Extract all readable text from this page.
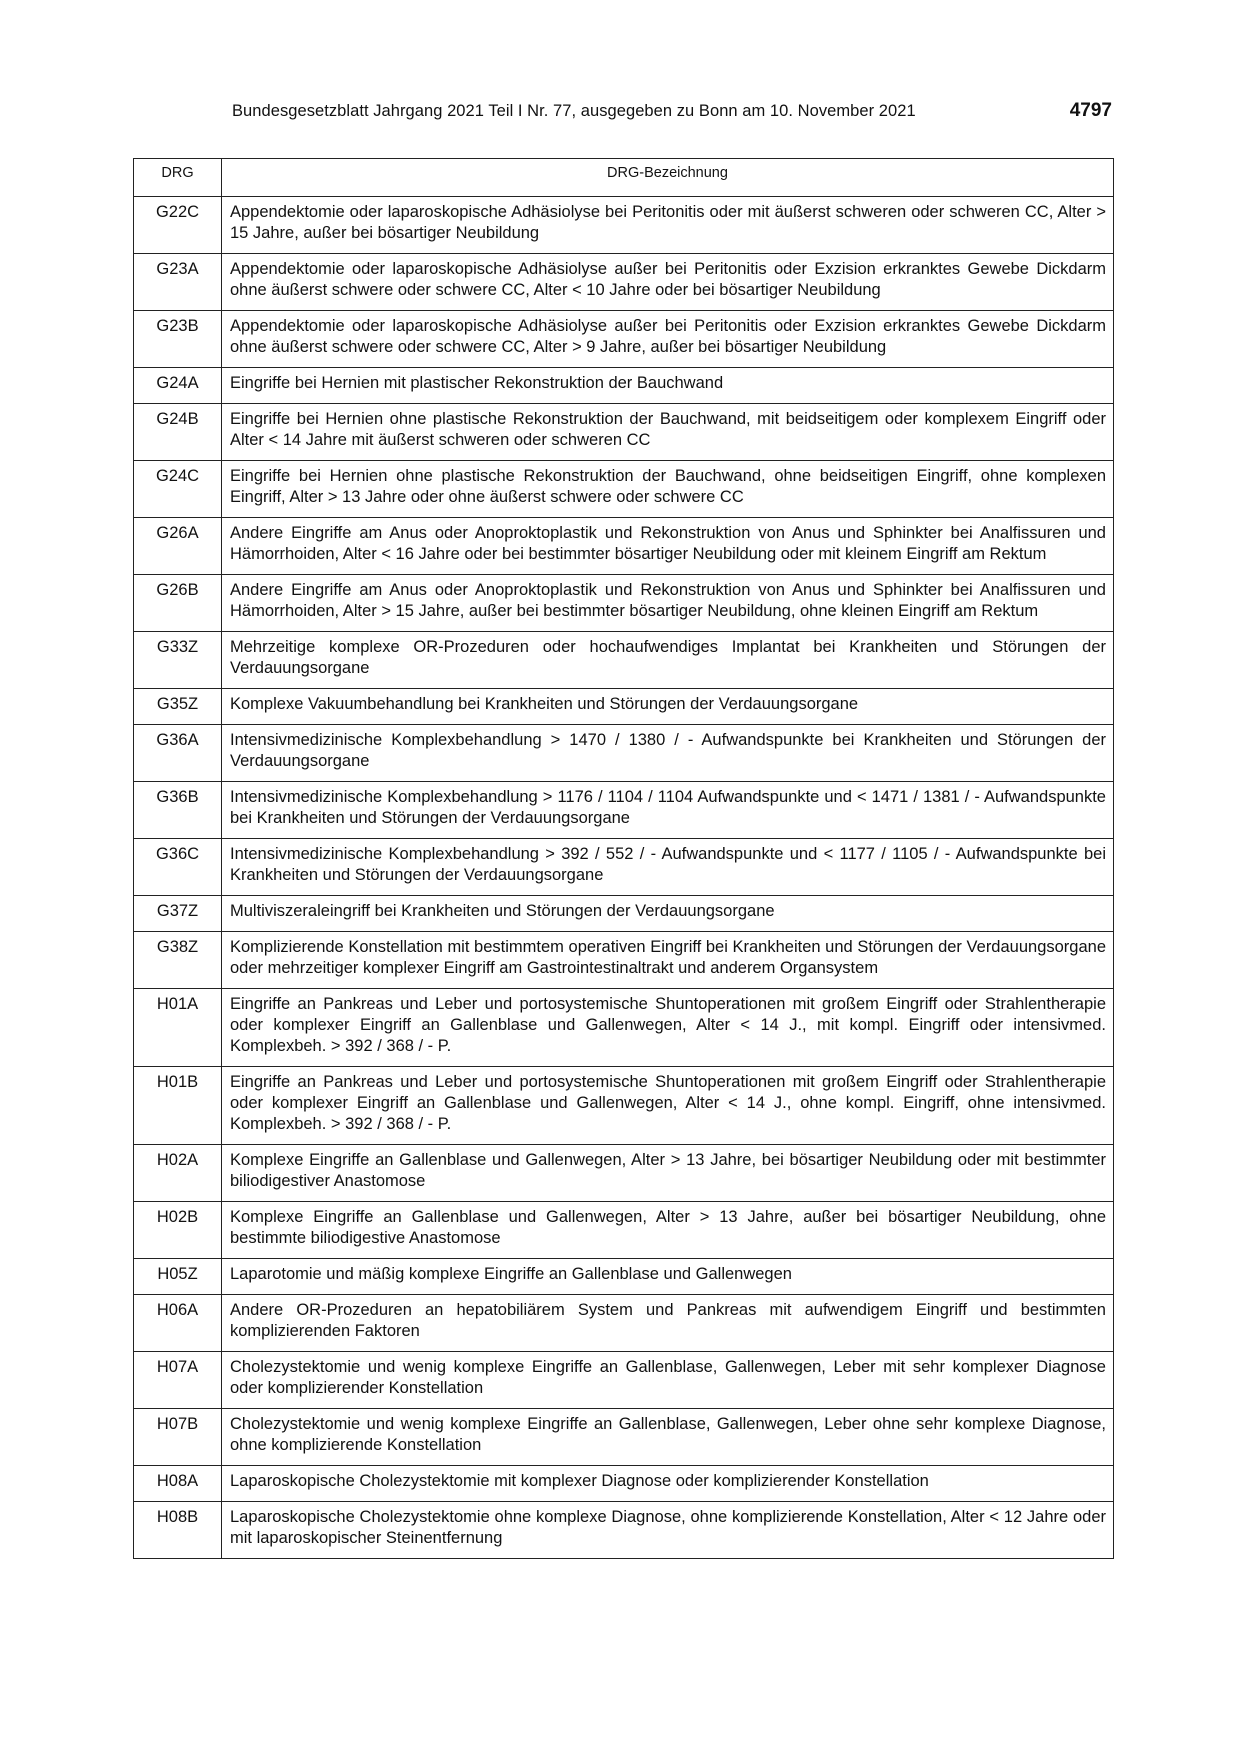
Bundesgesetzblatt Jahrgang 2021 Teil I Nr. 77, ausgegeben zu Bonn am 10. November 2021	4797
DRG	DRG-Bezeichnung
G22C	Appendektomie oder laparoskopische Adhäsiolyse bei Peritonitis oder mit äußerst schweren oder schweren CC, Alter > 15 Jahre, außer bei bösartiger Neubildung
G23A	Appendektomie oder laparoskopische Adhäsiolyse außer bei Peritonitis oder Exzision erkranktes Gewebe Dickdarm ohne äußerst schwere oder schwere CC, Alter < 10 Jahre oder bei bösartiger Neubildung
G23B	Appendektomie oder laparoskopische Adhäsiolyse außer bei Peritonitis oder Exzision erkranktes Gewebe Dickdarm ohne äußerst schwere oder schwere CC, Alter > 9 Jahre, außer bei bösartiger Neubildung
G24A	Eingriffe bei Hernien mit plastischer Rekonstruktion der Bauchwand
G24B	Eingriffe bei Hernien ohne plastische Rekonstruktion der Bauchwand, mit beidseitigem oder komplexem Eingriff oder Alter < 14 Jahre mit äußerst schweren oder schweren CC
G24C	Eingriffe bei Hernien ohne plastische Rekonstruktion der Bauchwand, ohne beidseitigen Eingriff, ohne komplexen Eingriff, Alter > 13 Jahre oder ohne äußerst schwere oder schwere CC
G26A	Andere Eingriffe am Anus oder Anoproktoplastik und Rekonstruktion von Anus und Sphinkter bei Analfissuren und Hämorrhoiden, Alter < 16 Jahre oder bei bestimmter bösartiger Neubildung oder mit kleinem Eingriff am Rektum
G26B	Andere Eingriffe am Anus oder Anoproktoplastik und Rekonstruktion von Anus und Sphinkter bei Analfissuren und Hämorrhoiden, Alter > 15 Jahre, außer bei bestimmter bösartiger Neubildung, ohne kleinen Eingriff am Rektum
G33Z	Mehrzeitige komplexe OR-Prozeduren oder hochaufwendiges Implantat bei Krankheiten und Störungen der Verdauungsorgane
G35Z	Komplexe Vakuumbehandlung bei Krankheiten und Störungen der Verdauungsorgane
G36A	Intensivmedizinische Komplexbehandlung > 1470 / 1380 / - Aufwandspunkte bei Krankheiten und Störungen der Verdauungsorgane
G36B	Intensivmedizinische Komplexbehandlung > 1176 / 1104 / 1104 Aufwandspunkte und < 1471 / 1381 / - Aufwandspunkte bei Krankheiten und Störungen der Verdauungsorgane
G36C	Intensivmedizinische Komplexbehandlung > 392 / 552 / - Aufwandspunkte und < 1177 / 1105 / - Aufwandspunkte bei Krankheiten und Störungen der Verdauungsorgane
G37Z	Multiviszeraleingriff bei Krankheiten und Störungen der Verdauungsorgane
G38Z	Komplizierende Konstellation mit bestimmtem operativen Eingriff bei Krankheiten und Störungen der Verdauungsorgane oder mehrzeitiger komplexer Eingriff am Gastrointestinaltrakt und anderem Organsystem
H01A	Eingriffe an Pankreas und Leber und portosystemische Shuntoperationen mit großem Eingriff oder Strahlentherapie oder komplexer Eingriff an Gallenblase und Gallenwegen, Alter < 14 J., mit kompl. Eingriff oder intensivmed. Komplexbeh. > 392 / 368 / - P.
H01B	Eingriffe an Pankreas und Leber und portosystemische Shuntoperationen mit großem Eingriff oder Strahlentherapie oder komplexer Eingriff an Gallenblase und Gallenwegen, Alter < 14 J., ohne kompl. Eingriff, ohne intensivmed. Komplexbeh. > 392 / 368 / - P.
H02A	Komplexe Eingriffe an Gallenblase und Gallenwegen, Alter > 13 Jahre, bei bösartiger Neubildung oder mit bestimmter biliodigestiver Anastomose
H02B	Komplexe Eingriffe an Gallenblase und Gallenwegen, Alter > 13 Jahre, außer bei bösartiger Neubildung, ohne bestimmte biliodigestive Anastomose
H05Z	Laparotomie und mäßig komplexe Eingriffe an Gallenblase und Gallenwegen
H06A	Andere OR-Prozeduren an hepatobiliärem System und Pankreas mit aufwendigem Eingriff und bestimmten komplizierenden Faktoren
H07A	Cholezystektomie und wenig komplexe Eingriffe an Gallenblase, Gallenwegen, Leber mit sehr komplexer Diagnose oder komplizierender Konstellation
H07B	Cholezystektomie und wenig komplexe Eingriffe an Gallenblase, Gallenwegen, Leber ohne sehr komplexe Diagnose, ohne komplizierende Konstellation
H08A	Laparoskopische Cholezystektomie mit komplexer Diagnose oder komplizierender Konstellation
H08B	Laparoskopische Cholezystektomie ohne komplexe Diagnose, ohne komplizierende Konstellation, Alter < 12 Jahre oder mit laparoskopischer Steinentfernung
